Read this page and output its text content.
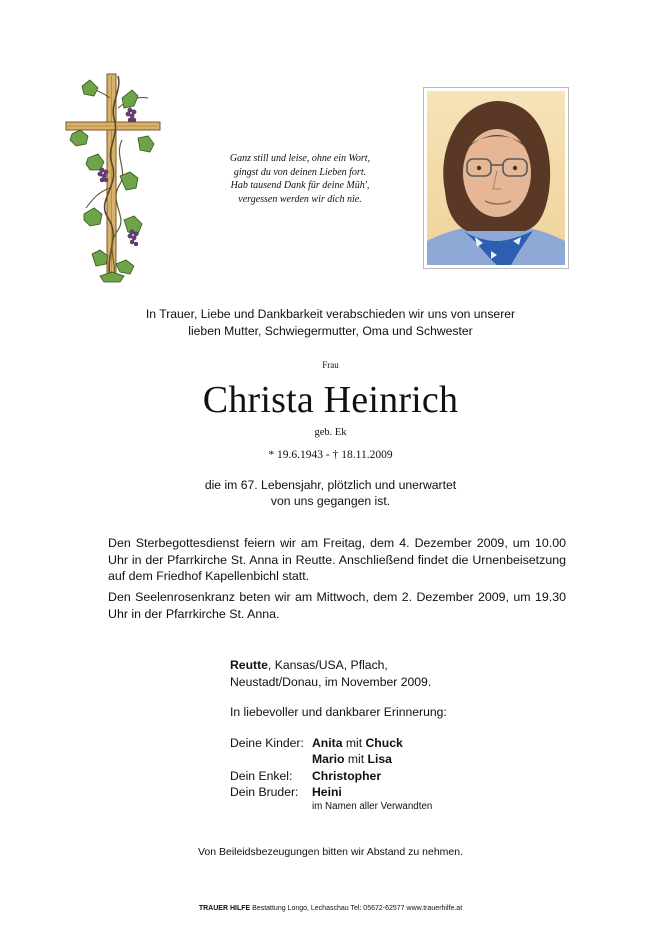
Ganz still und leise, ohne ein Wort,
gingst du von deinen Lieben fort.
Hab tausend Dank für deine Müh',
vergessen werden wir dich nie.
In Trauer, Liebe und Dankbarkeit verabschieden wir uns von unserer
lieben Mutter, Schwiegermutter, Oma und Schwester
Frau
Christa Heinrich
geb. Ek
* 19.6.1943 - † 18.11.2009
die im 67. Lebensjahr, plötzlich und unerwartet
von uns gegangen ist.
Den Sterbegottesdienst feiern wir am Freitag, dem 4. Dezember 2009, um 10.00 Uhr in der Pfarrkirche St. Anna in Reutte. Anschließend findet die Urnenbeisetzung auf dem Friedhof Kapellenbichl statt.
Den Seelenrosenkranz beten wir am Mittwoch, dem 2. Dezember 2009, um 19.30 Uhr in der Pfarrkirche St. Anna.
Reutte, Kansas/USA, Pflach,
Neustadt/Donau, im November 2009.
In liebevoller und dankbarer Erinnerung:
Deine Kinder: Anita mit Chuck
Mario mit Lisa
Dein Enkel:	Christopher
Dein Bruder:	Heini
im Namen aller Verwandten
Von Beileidsbezeugungen bitten wir Abstand zu nehmen.
TRAUER HILFE Bestattung Longo, Lechaschau Tel: 05672-62577 www.trauerhilfe.at
